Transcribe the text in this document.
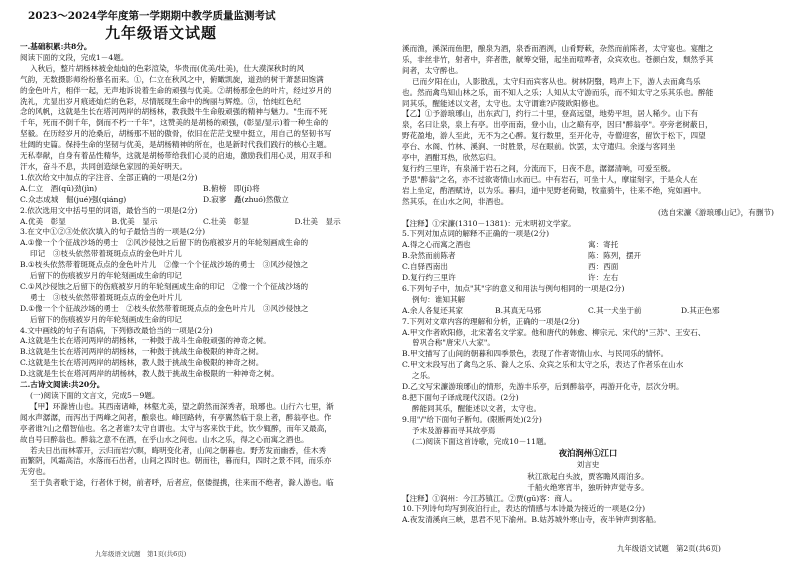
2023～2024学年度第一学期期中教学质量监测考试
九年级语文试题

一.基础积累:共8分。

阅读下面的文段，完成1－4题。

入秋后，整片胡杨林被金灿灿的色彩渲染，华贵而(优美/壮美)，仕大漠深秋时的风

气韵，无数摄影师纷纷慕名而来。①，仁立在秋风之中，俯瞰凯旋，道劲的树干萧瑟田饱满

的金色叶片，相伴一起，无声地诉说着生命的顽强与优美。②胡杨那金色的叶片，经过岁月的

洗礼，尤显出岁月痕迹灿烂的色彩，尽情展现生命中的绚丽与辉煌。③，怡纯红色纪

念的风帆，这就是生长在塔河两岸的胡杨林，教我鼓牛生命般顽强的精神与魅力。"生而不死

千年，死而不倒千年，倒而不朽一千年"，这赞美的是胡杨的顽强，(彰显/显示)着一种生命的

坚毅。在历经岁月的沧桑后，胡杨那不屈的傲骨，依旧在茫茫戈壁中挺立，用自己的坚韧书写

壮阔的史篇。保持生命的坚韧与优美，是胡杨精神的所在，也是新时代我们践行的核心主题。

无私奉献，自身有着品性精华，这就是胡杨带给我们心灵的启迪，激励我们用心灵，用双手和

汗水，奋斗不息，共同创造绿色家园的美好明天。

1.依次给文中加点的字注音、全部正确的一项是(2分)

A.仁立　酒(qū)劲(jìn)	B.俯榜　即(jí)将
C.众志成城　倔(jué)强(qiáng)	D.寂寥　矗(zhuó)然傲立

2.依次选用文中括号里的词语，最恰当的一项是(2分)

A.优美　彰显	B.优美　显示	C.壮美　彰显	D.壮美　显示

3.在文中①②③处依次填入的句子最恰当的一项是(2分)

A.①像一个个征战沙场的勇士　②风沙侵蚀之后留下的伤痕被岁月的年轮刻画成生命的

印记　③枝头依然带着斑斑点点的金色叶片儿

B.①枝头依然带着斑斑点点的金色叶片儿　②像一个个征战沙场的勇士　③风沙侵蚀之

后留下的伤痕被岁月的年轮刻画成生命的印记

C.①风沙侵蚀之后留下的伤痕被岁月的年轮刻画成生命的印记　②像一个个征战沙场的

勇士　③枝头依然带着斑斑点点的金色叶片儿

D.①像一个个征战沙场的勇士　②枝头依然带着斑斑点点的金色叶片儿　③风沙侵蚀之

后留下的伤痕被岁月的年轮刻画成生命的印记

4.文中画线的句子有语病，下列修改最恰当的一项是(2分)

A.这就是生长在塔河两岸的胡杨林，一种鼓于战斗生命般顽强的神奇之树。

B.这就是生长在塔河两岸的胡杨林，一种鼓于挑战生命极限的神奇之树。

C.这就是生长在塔河两岸的胡杨林，教人鼓于挑战生命极限的神奇之树。

D.这就是生长在塔河两岸的胡杨林，教人鼓于挑战生命极限的一种神奇之树。

二.古诗文阅读:共20分。

(一)阅读下面的文言文，完成5－9题。

【甲】环滁皆山也。其西南诸峰，林壑尤美，望之蔚然而深秀者，琅琊也。山行六七里，渐

闻水声潺潺，而泻出于两峰之间者，酿泉也。峰回路转，有亭翼然临于泉上者，醉翁亭也。作

亭者谁?山之僧智仙也。名之者谁?太守自谓也。太守与客来饮于此，饮少辄醉，而年又最高，

故自号曰醉翁也。醉翁之意不在酒，在乎山水之间也。山水之乐，得之心而寓之酒也。

若夫日出而林霏开，云归而岩穴暝，晦明变化者，山间之朝暮也。野芳发而幽香，佳木秀

而繁阴，风霜高洁，水落而石出者，山间之四时也。朝而往，暮而归，四时之景不同，而乐亦

无穷也。

至于负者歌于途，行者休于树，前者呼，后者应，伛偻提携，往来而不绝者，滁人游也。临

溪而渔，溪深而鱼肥，酿泉为酒，泉香而酒洌，山肴野蔌，杂然而前陈者，太守宴也。宴酣之

乐，非丝非竹，射者中，弈者胜，觥筹交错，起坐而喧哗者，众宾欢也。苍颜白发，颓然乎其

间者，太守醉也。

已而夕阳在山，人影散乱，太守归而宾客从也。树林阴翳，鸣声上下，游人去而禽鸟乐

也。然而禽鸟知山林之乐，而不知人之乐；人知从太守游而乐，而不知太守之乐其乐也。醉能

同其乐，醒能述以文者，太守也。太守谓谁?庐陵欧阳修也。

【乙】①予游琅琊山，出东武门，约行二十里，登高远望，地势平坦，居人稀少。山下有

泉，名曰让泉，泉上有亭。出亭而南，登小山，山之巅有亭，因曰"醉翁亭"。亭旁老树蔽日，

野花盈地，游人至此，无不为之心醉。复行数里，至开化寺，寺僧迎客，留饮于松下，四望

亭台、水阁、竹林、溪涧、一时胜景，尽在眼前。饮罢，太守遣归。余遂与客同坐

亭中，酒酣耳热，欣然忘归。

复行约三里许，有泉涌于岩石之间，分流而下，日夜不息，潺潺清响，可爱至极。

予思"醉翁"之名，亦不过欲寄情山水而已。中有岩石，可坐十人，摩崖刻字，于是众人在

岩上坐定，酌酒赋诗，以为乐。暮归，道中见野老荷锄，牧童骑牛，往来不绝，宛如画中。

然其乐，在山水之间，非酒也。

(选自宋濂《游琅琊山记》，有删节)

【注释】①宋濂(1310－1381)：元末明初文学家。

5.下列对加点词的解释不正确的一项是(2分)

A.得之心而寓之酒也	寓：寄托
B.杂然而前陈者	陈：陈列，摆开
C.自驿西南出	西：西面
D.复行约三里许	许：左右

6.下列句子中，加点"其"字的意义和用法与例句相同的一项是(2分)

例句：谁知其解

A.余人各复还其家	B.其真无马邪	C.其一犬坐于前	D.其正色邪

7.下列对文章内容的理解和分析，正确的一项是(2分)

A.甲文作者欧阳修，北宋著名文学家。他和唐代的韩愈、柳宗元、宋代的"三苏"、王安石、

曾巩合称"唐宋八大家"。

B.甲文描写了山间的朝暮和四季景色，表现了作者寄情山水、与民同乐的情怀。

C.甲文末段写出了禽鸟之乐、滁人之乐、众宾之乐和太守之乐，表达了作者乐在山水

之乐。

D.乙文写宋濂游琅琊山的情形，先游丰乐亭，后到醉翁亭，再游开化寺，层次分明。

8.把下面句子译成现代汉语。(2分)

醉能同其乐，醒能述以文者，太守也。

9.用"/"给下面句子断句。(限断两处)(2分)

予未及游暮而寻其故亭焉

(二)阅读下面这首诗歌，完成10－11题。

夜泊润州①江口
刘言史
秋江欲起白头波，贾客瞻风雨泊多。
千船火绝寒宵半，独听钟声觉寺多。

【注释】①润州：今江苏镇江。②贾(gǔ)客：商人。

10.下列诗句均写到夜泊行止，表达的情感与本诗最为接近的一项是(2分)

A.夜发清溪向三峡，思君不见下渝州。B.姑苏城外寒山寺，夜半钟声到客船。

九年级语文试题　第1页(共6页)
九年级语文试题　第2页(共6页)
